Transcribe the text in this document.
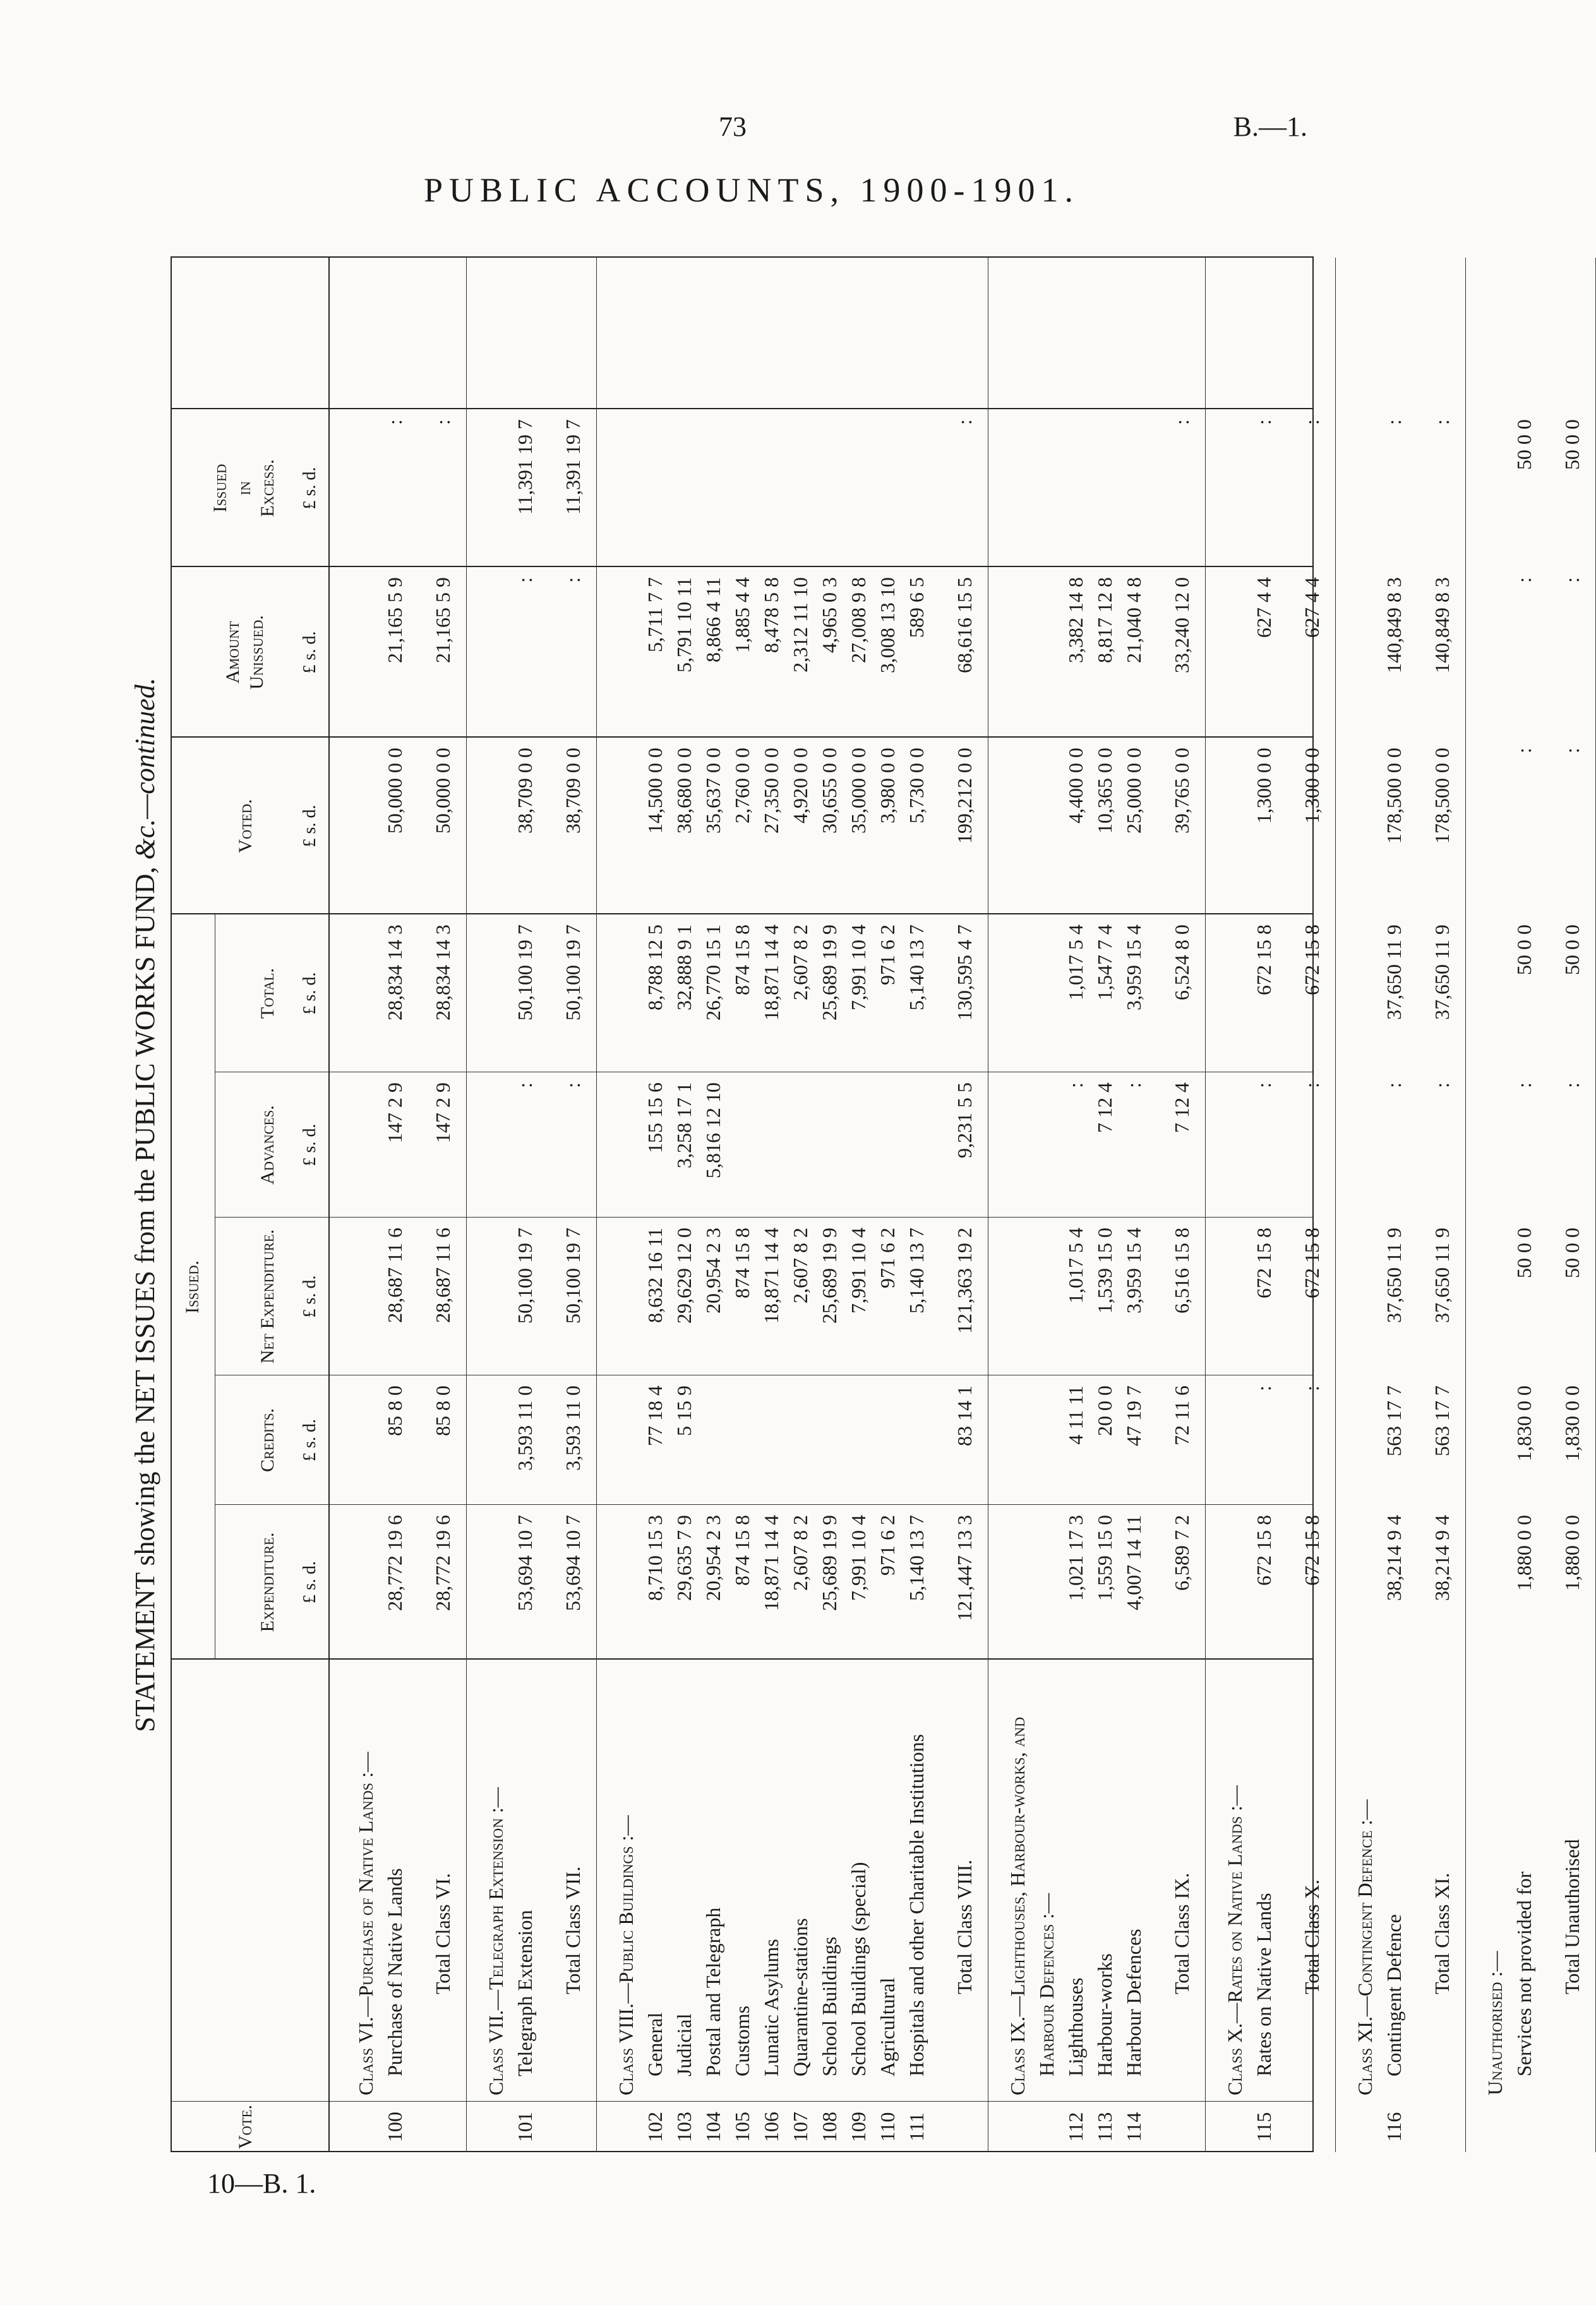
73	B.—1.
PUBLIC ACCOUNTS, 1900-1901.
10—B. 1.
STATEMENT showing the NET ISSUES from the PUBLIC WORKS FUND, &c.—continued.
Vote.
Issued.
Expenditure.
Credits.
Net Expenditure.
Advances.
Total.
Voted.
Amount Unissued.
Issued in Excess.
£ s. d.
£ s. d.
£ s. d.
£ s. d.
£ s. d.
£ s. d.
£ s. d.
£ s. d.
Class VI.—Purchase of Native Lands :—
100
Purchase of Native Lands
28,772 19 6
85 8 0
28,687 11 6
147 2 9
28,834 14 3
50,000 0 0
21,165 5 9
:
Total Class VI.
28,772 19 6
85 8 0
28,687 11 6
147 2 9
28,834 14 3
50,000 0 0
21,165 5 9
:
Class VII.—Telegraph Extension :—
101
Telegraph Extension
53,694 10 7
3,593 11 0
50,100 19 7
:
50,100 19 7
38,709 0 0
:
11,391 19 7
Total Class VII.
53,694 10 7
3,593 11 0
50,100 19 7
:
50,100 19 7
38,709 0 0
:
11,391 19 7
Class VIII.—Public Buildings :—
102
General
8,710 15 3
77 18 4
8,632 16 11
155 15 6
8,788 12 5
14,500 0 0
5,711 7 7
103
Judicial
29,635 7 9
5 15 9
29,629 12 0
3,258 17 1
32,888 9 1
38,680 0 0
5,791 10 11
104
Postal and Telegraph
20,954 2 3
20,954 2 3
5,816 12 10
26,770 15 1
35,637 0 0
8,866 4 11
105
Customs
874 15 8
874 15 8
874 15 8
2,760 0 0
1,885 4 4
106
Lunatic Asylums
18,871 14 4
18,871 14 4
18,871 14 4
27,350 0 0
8,478 5 8
107
Quarantine-stations
2,607 8 2
2,607 8 2
2,607 8 2
4,920 0 0
2,312 11 10
108
School Buildings
25,689 19 9
25,689 19 9
25,689 19 9
30,655 0 0
4,965 0 3
109
School Buildings (special)
7,991 10 4
7,991 10 4
7,991 10 4
35,000 0 0
27,008 9 8
110
Agricultural
971 6 2
971 6 2
971 6 2
3,980 0 0
3,008 13 10
111
Hospitals and other Charitable Institutions
5,140 13 7
5,140 13 7
5,140 13 7
5,730 0 0
589 6 5
Total Class VIII.
121,447 13 3
83 14 1
121,363 19 2
9,231 5 5
130,595 4 7
199,212 0 0
68,616 15 5
:
Class IX.—Lighthouses, Harbour-works, and Harbour Defences :—
112
Lighthouses
1,021 17 3
4 11 11
1,017 5 4
:
1,017 5 4
4,400 0 0
3,382 14 8
113
Harbour-works
1,559 15 0
20 0 0
1,539 15 0
7 12 4
1,547 7 4
10,365 0 0
8,817 12 8
114
Harbour Defences
4,007 14 11
47 19 7
3,959 15 4
:
3,959 15 4
25,000 0 0
21,040 4 8
Total Class IX.
6,589 7 2
72 11 6
6,516 15 8
7 12 4
6,524 8 0
39,765 0 0
33,240 12 0
:
Class X.—Rates on Native Lands :—
115
Rates on Native Lands
672 15 8
:
672 15 8
:
672 15 8
1,300 0 0
627 4 4
:
Total Class X.
672 15 8
:
672 15 8
:
672 15 8
1,300 0 0
627 4 4
:
Class XI.—Contingent Defence :—
116
Contingent Defence
38,214 9 4
563 17 7
37,650 11 9
:
37,650 11 9
178,500 0 0
140,849 8 3
:
Total Class XI.
38,214 9 4
563 17 7
37,650 11 9
:
37,650 11 9
178,500 0 0
140,849 8 3
:
Unauthorised :— Services not provided for
1,880 0 0
1,830 0 0
50 0 0
:
50 0 0
:
:
50 0 0
Total Unauthorised
1,880 0 0
1,830 0 0
50 0 0
:
50 0 0
:
:
50 0 0
